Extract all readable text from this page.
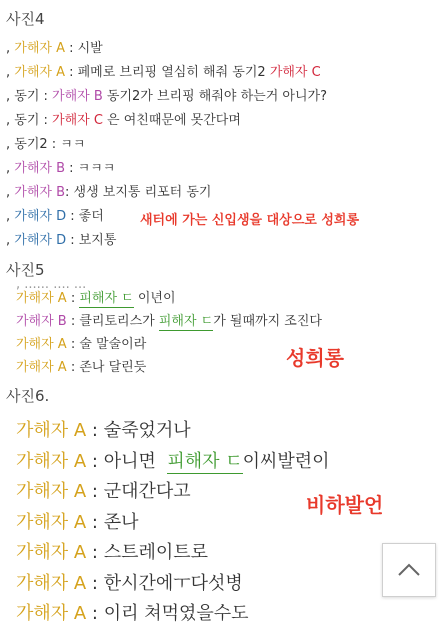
사진4
, 가해자 A : 시발
, 가해자 A : 페메로 브리핑 열심히 해줘 동기2 가해자 C
, 동기 : 가해자 B 동기2가 브리핑 해줘야 하는거 아니가?
, 동기 : 가해자 C 은 여친때문에 못간다며
, 동기2 : ㅋㅋ
, 가해자 B : ㅋㅋㅋ
, 가해자 B: 생생 보지통 리포터 동기
, 가해자 D : 좋더
, 가해자 D : 보지통
새터에 가는 신입생을 대상으로 성희롱
사진5
, ...... .... ...
가해자 A : 피해자 ㄷ 이년이
가해자 B : 클리토리스가 피해자 ㄷ가 될때까지 조진다
가해자 A : 술 말술이라
가해자 A : 존나 달린듯	성희롱
사진6.
가해자 A : 술죽었거나
가해자 A : 아니면  피해자 ㄷ이씨발련이
가해자 A : 군대간다고
가해자 A : 존나
가해자 A : 스트레이트로
가해자 A : 한시간에ㅜ다섯병
가해자 A : 이리 쳐먹였을수도
비하발언
